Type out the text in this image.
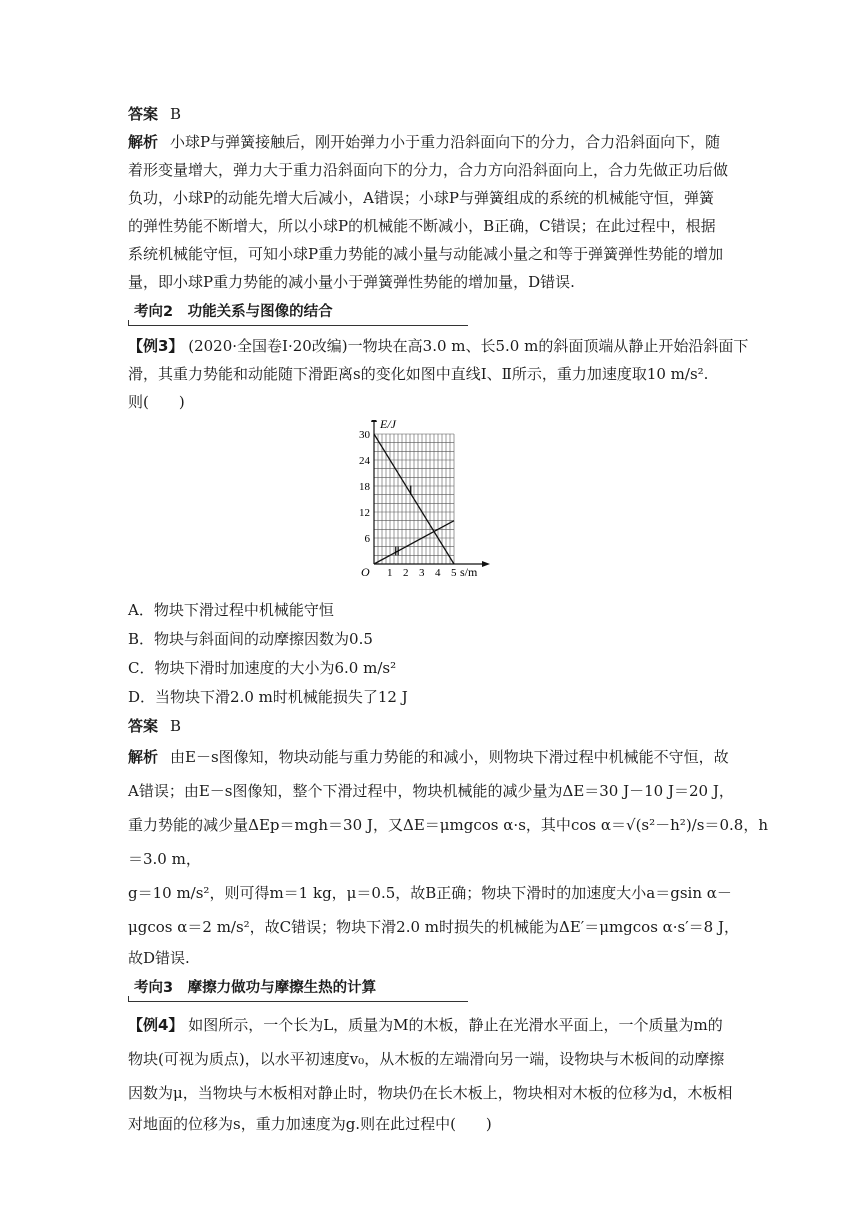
答案 B

解析 小球P与弹簧接触后，刚开始弹力小于重力沿斜面向下的分力，合力沿斜面向下，随

着形变量增大，弹力大于重力沿斜面向下的分力，合力方向沿斜面向上，合力先做正功后做

负功，小球P的动能先增大后减小，A错误；小球P与弹簧组成的系统的机械能守恒，弹簧

的弹性势能不断增大，所以小球P的机械能不断减小，B正确，C错误；在此过程中，根据

系统机械能守恒，可知小球P重力势能的减小量与动能减小量之和等于弹簧弹性势能的增加

量，即小球P重力势能的减小量小于弹簧弹性势能的增加量，D错误.

考向2　功能关系与图像的结合

【例3】 (2020·全国卷Ⅰ·20改编)一物块在高3.0 m、长5.0 m的斜面顶端从静止开始沿斜面下

滑，其重力势能和动能随下滑距离s的变化如图中直线Ⅰ、Ⅱ所示，重力加速度取10 m/s².

则(　　)

E/J
s/m
O 1 2 3 4 5
6
12
18
24
30
Ⅰ
Ⅱ

A．物块下滑过程中机械能守恒

B．物块与斜面间的动摩擦因数为0.5

C．物块下滑时加速度的大小为6.0 m/s²

D．当物块下滑2.0 m时机械能损失了12 J

答案 B

解析 由E－s图像知，物块动能与重力势能的和减小，则物块下滑过程中机械能不守恒，故

A错误；由E－s图像知，整个下滑过程中，物块机械能的减少量为ΔE＝30 J－10 J＝20 J，

重力势能的减少量ΔEp＝mgh＝30 J，又ΔE＝μmgcos α·s，其中cos α＝√(s²－h²)/s＝0.8，h＝3.0 m，

g＝10 m/s²，则可得m＝1 kg，μ＝0.5，故B正确；物块下滑时的加速度大小a＝gsin α－

μgcos α＝2 m/s²，故C错误；物块下滑2.0 m时损失的机械能为ΔE′＝μmgcos α·s′＝8 J，

故D错误.

考向3　摩擦力做功与摩擦生热的计算

【例4】 如图所示，一个长为L，质量为M的木板，静止在光滑水平面上，一个质量为m的

物块(可视为质点)，以水平初速度v₀，从木板的左端滑向另一端，设物块与木板间的动摩擦

因数为μ，当物块与木板相对静止时，物块仍在长木板上，物块相对木板的位移为d，木板相

对地面的位移为s，重力加速度为g.则在此过程中(　　)
